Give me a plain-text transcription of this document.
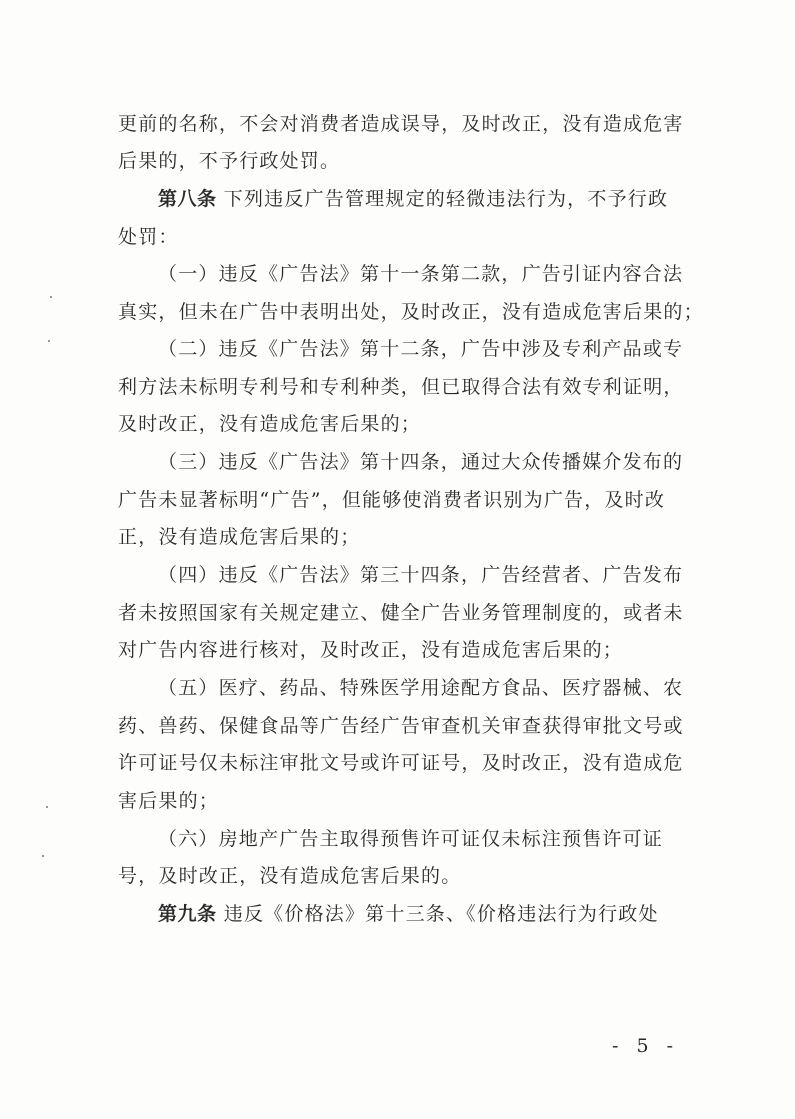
更前的名称，不会对消费者造成误导，及时改正，没有造成危害
后果的，不予行政处罚。
第八条 下列违反广告管理规定的轻微违法行为，不予行政
处罚：
（一）违反《广告法》第十一条第二款，广告引证内容合法
真实，但未在广告中表明出处，及时改正，没有造成危害后果的；
（二）违反《广告法》第十二条，广告中涉及专利产品或专
利方法未标明专利号和专利种类，但已取得合法有效专利证明，
及时改正，没有造成危害后果的；
（三）违反《广告法》第十四条，通过大众传播媒介发布的
广告未显著标明“广告”，但能够使消费者识别为广告，及时改
正，没有造成危害后果的；
（四）违反《广告法》第三十四条，广告经营者、广告发布
者未按照国家有关规定建立、健全广告业务管理制度的，或者未
对广告内容进行核对，及时改正，没有造成危害后果的；
（五）医疗、药品、特殊医学用途配方食品、医疗器械、农
药、兽药、保健食品等广告经广告审查机关审查获得审批文号或
许可证号仅未标注审批文号或许可证号，及时改正，没有造成危
害后果的；
（六）房地产广告主取得预售许可证仅未标注预售许可证
号，及时改正，没有造成危害后果的。
第九条 违反《价格法》第十三条、《价格违法行为行政处
- 5 -
